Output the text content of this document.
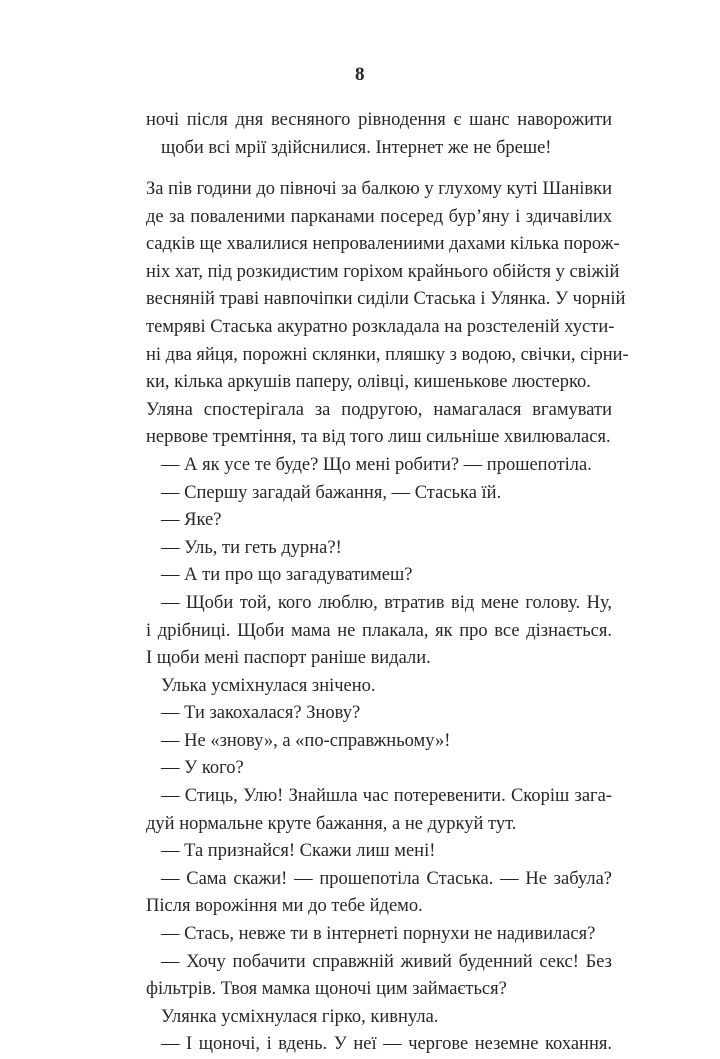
8
ночі після дня весняного рівнодення є шанс наворожити
щоби всі мрії здійснилися. Інтернет же не бреше!
За пів години до півночі за балкою у глухому куті Шанівки
де за поваленими парканами посеред бур’яну і здичавілих
садків ще хвалилися непровалениими дахами кілька порож-
ніх хат, під розкидистим горіхом крайнього обійстя у свіжій
весняній траві навпочіпки сиділи Стаська і Улянка. У чорній
темряві Стаська акуратно розкладала на розстеленій хусти-
ні два яйця, порожні склянки, пляшку з водою, свічки, сірни-
ки, кілька аркушів паперу, олівці, кишенькове люстерко.
Уляна спостерігала за подругою, намагалася вгамувати
нервове тремтіння, та від того лиш сильніше хвилювалася.
— А як усе те буде? Що мені робити? — прошепотіла.
— Спершу загадай бажання, — Стаська їй.
— Яке?
— Уль, ти геть дурна?!
— А ти про що загадуватимеш?
— Щоби той, кого люблю, втратив від мене голову. Ну,
і дрібниці. Щоби мама не плакала, як про все дізнається.
І щоби мені паспорт раніше видали.
Улька усміхнулася знічено.
— Ти закохалася? Знову?
— Не «знову», а «по-справжньому»!
— У кого?
— Стиць, Улю! Знайшла час потеревенити. Скоріш зага-
дуй нормальне круте бажання, а не дуркуй тут.
— Та признайся! Скажи лиш мені!
— Сама скажи! — прошепотіла Стаська. — Не забула?
Після ворожіння ми до тебе йдемо.
— Стась, невже ти в інтернеті порнухи не надивилася?
— Хочу побачити справжній живий буденний секс! Без
фільтрів. Твоя мамка щоночі цим займається?
Улянка усміхнулася гірко, кивнула.
— І щоночі, і вдень. У неї — чергове неземне кохання.
